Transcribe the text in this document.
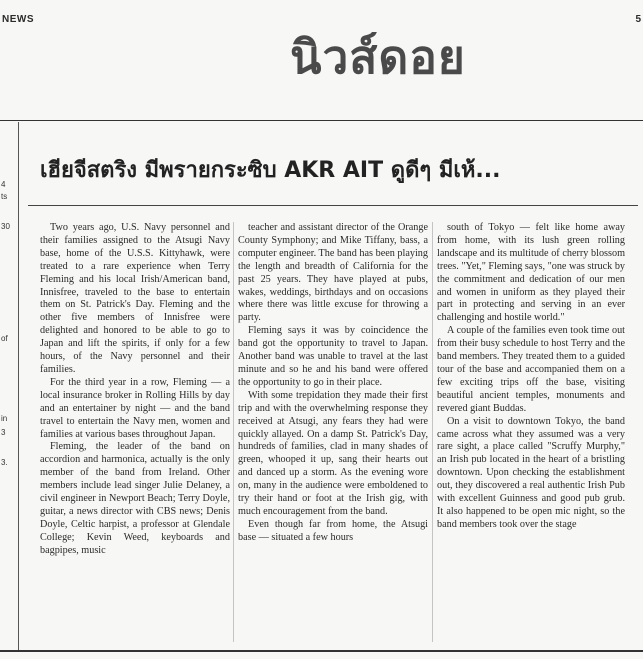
NEWS	5
นิวส์ดอย
4
ts
30
of
in
3
3.
เฮียจีสตริง มีพรายกระซิบ AKR AIT ดูดีๆ มีเห้...

Two years ago, U.S. Navy personnel and their families assigned to the Atsugi Navy base, home of the U.S.S. Kittyhawk, were treated to a rare experience when Terry Fleming and his local Irish/American band, Innisfree, traveled to the base to entertain them on St. Patrick's Day. Fleming and the other five members of Innisfree were delighted and honored to be able to go to Japan and lift the spirits, if only for a few hours, of the Navy personnel and their families.

For the third year in a row, Fleming — a local insurance broker in Rolling Hills by day and an entertainer by night — and the band travel to entertain the Navy men, women and families at various bases throughout Japan.

Fleming, the leader of the band on accordion and harmonica, actually is the only member of the band from Ireland. Other members include lead singer Julie Delaney, a civil engineer in Newport Beach; Terry Doyle, guitar, a news director with CBS news; Denis Doyle, Celtic harpist, a professor at Glendale College; Kevin Weed, keyboards and bagpipes, music

teacher and assistant director of the Orange County Symphony; and Mike Tiffany, bass, a computer engineer. The band has been playing the length and breadth of California for the past 25 years. They have played at pubs, wakes, weddings, birthdays and on occasions where there was little excuse for throwing a party.

Fleming says it was by coincidence the band got the opportunity to travel to Japan. Another band was unable to travel at the last minute and so he and his band were offered the opportunity to go in their place.

With some trepidation they made their first trip and with the overwhelming response they received at Atsugi, any fears they had were quickly allayed. On a damp St. Patrick's Day, hundreds of families, clad in many shades of green, whooped it up, sang their hearts out and danced up a storm. As the evening wore on, many in the audience were emboldened to try their hand or foot at the Irish gig, with much encouragement from the band.

Even though far from home, the Atsugi base — situated a few hours

south of Tokyo — felt like home away from home, with its lush green rolling landscape and its multitude of cherry blossom trees. "Yet," Fleming says, "one was struck by the commitment and dedication of our men and women in uniform as they played their part in protecting and serving in an ever challenging and hostile world."

A couple of the families even took time out from their busy schedule to host Terry and the band members. They treated them to a guided tour of the base and accompanied them on a few exciting trips off the base, visiting beautiful ancient temples, monuments and revered giant Buddas.

On a visit to downtown Tokyo, the band came across what they assumed was a very rare sight, a place called "Scruffy Murphy," an Irish pub located in the heart of a bristling downtown. Upon checking the establishment out, they discovered a real authentic Irish Pub with excellent Guinness and good pub grub. It also happened to be open mic night, so the band members took over the stage
